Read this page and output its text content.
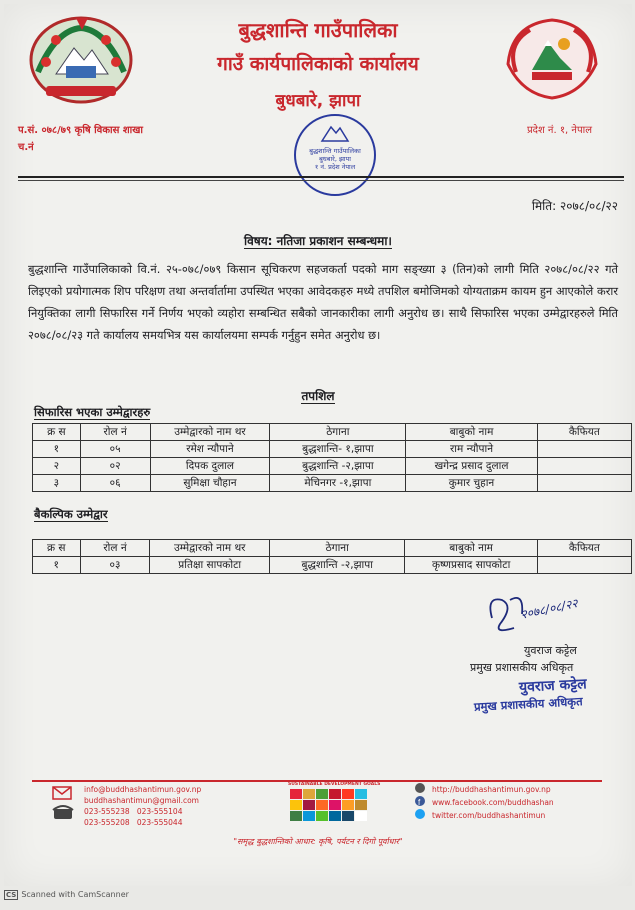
बुद्धशान्ति गाउँपालिका
गाउँ कार्यपालिकाको कार्यालय
बुधबारे, झापा
प.सं. ०७८/७९ कृषि विकास शाखा
च.नं
प्रदेश नं. १, नेपाल
बुद्धशान्ति गाउँपालिका
बुधबारे, झापा
१ नं. प्रदेश नेपाल
मिति: २०७८/०८/२२
विषय: नतिजा प्रकाशन सम्बन्धमा।
बुद्धशान्ति गाउँपालिकाको वि.नं. २५-०७८/०७९ किसान सूचिकरण सहजकर्ता पदको माग सङ्ख्या ३ (तिन)को लागी मिति २०७८/०८/२२ गते लिइएको प्रयोगात्मक शिप परिक्षण तथा अन्तर्वार्तामा उपस्थित भएका आवेदकहरु मध्ये तपशिल बमोजिमको योग्यताक्रम कायम हुन आएकोले करार नियुक्तिका लागी सिफारिस गर्ने निर्णय भएको व्यहोरा सम्बन्धित सबैको जानकारीका लागी अनुरोध छ। साथै सिफारिस भएका उम्मेद्वारहरुले मिति २०७८/०८/२३ गते कार्यालय समयभित्र यस कार्यालयमा सम्पर्क गर्नुहुन समेत अनुरोध छ।
तपशिल
सिफारिस भएका उम्मेद्वारहरु
क्र स	रोल नं	उम्मेद्वारको नाम थर	ठेगाना	बाबुको नाम	कैफियत
१	०५	रमेश न्यौपाने	बुद्धशान्ति- १,झापा	राम न्यौपाने	
२	०२	दिपक दुलाल	बुद्धशान्ति -२,झापा	खगेन्द्र प्रसाद दुलाल	
३	०६	सुमिक्षा चौहान	मेचिनगर -१,झापा	कुमार चुहान	
बैकल्पिक उम्मेद्वार
क्र स	रोल नं	उम्मेद्वारको नाम थर	ठेगाना	बाबुको नाम	कैफियत
१	०३	प्रतिक्षा सापकोटा	बुद्धशान्ति -२,झापा	कृष्णप्रसाद सापकोटा	
२०७८/०८/२२
युवराज कट्टेल
प्रमुख प्रशासकीय अधिकृत
युवराज कट्टेल
प्रमुख प्रशासकीय अधिकृत
info@buddhashantimun.gov.np
buddhashantimun@gmail.com
023-555238 023-555104
023-555208 023-555044
SUSTAINABLE DEVELOPMENT GOALS
f
http://buddhashantimun.gov.np
www.facebook.com/buddhashan
twitter.com/buddhashantimun
"समृद्ध बुद्धशान्तिको आधार: कृषि, पर्यटन र दिगो पूर्वाधार"
CS Scanned with CamScanner
